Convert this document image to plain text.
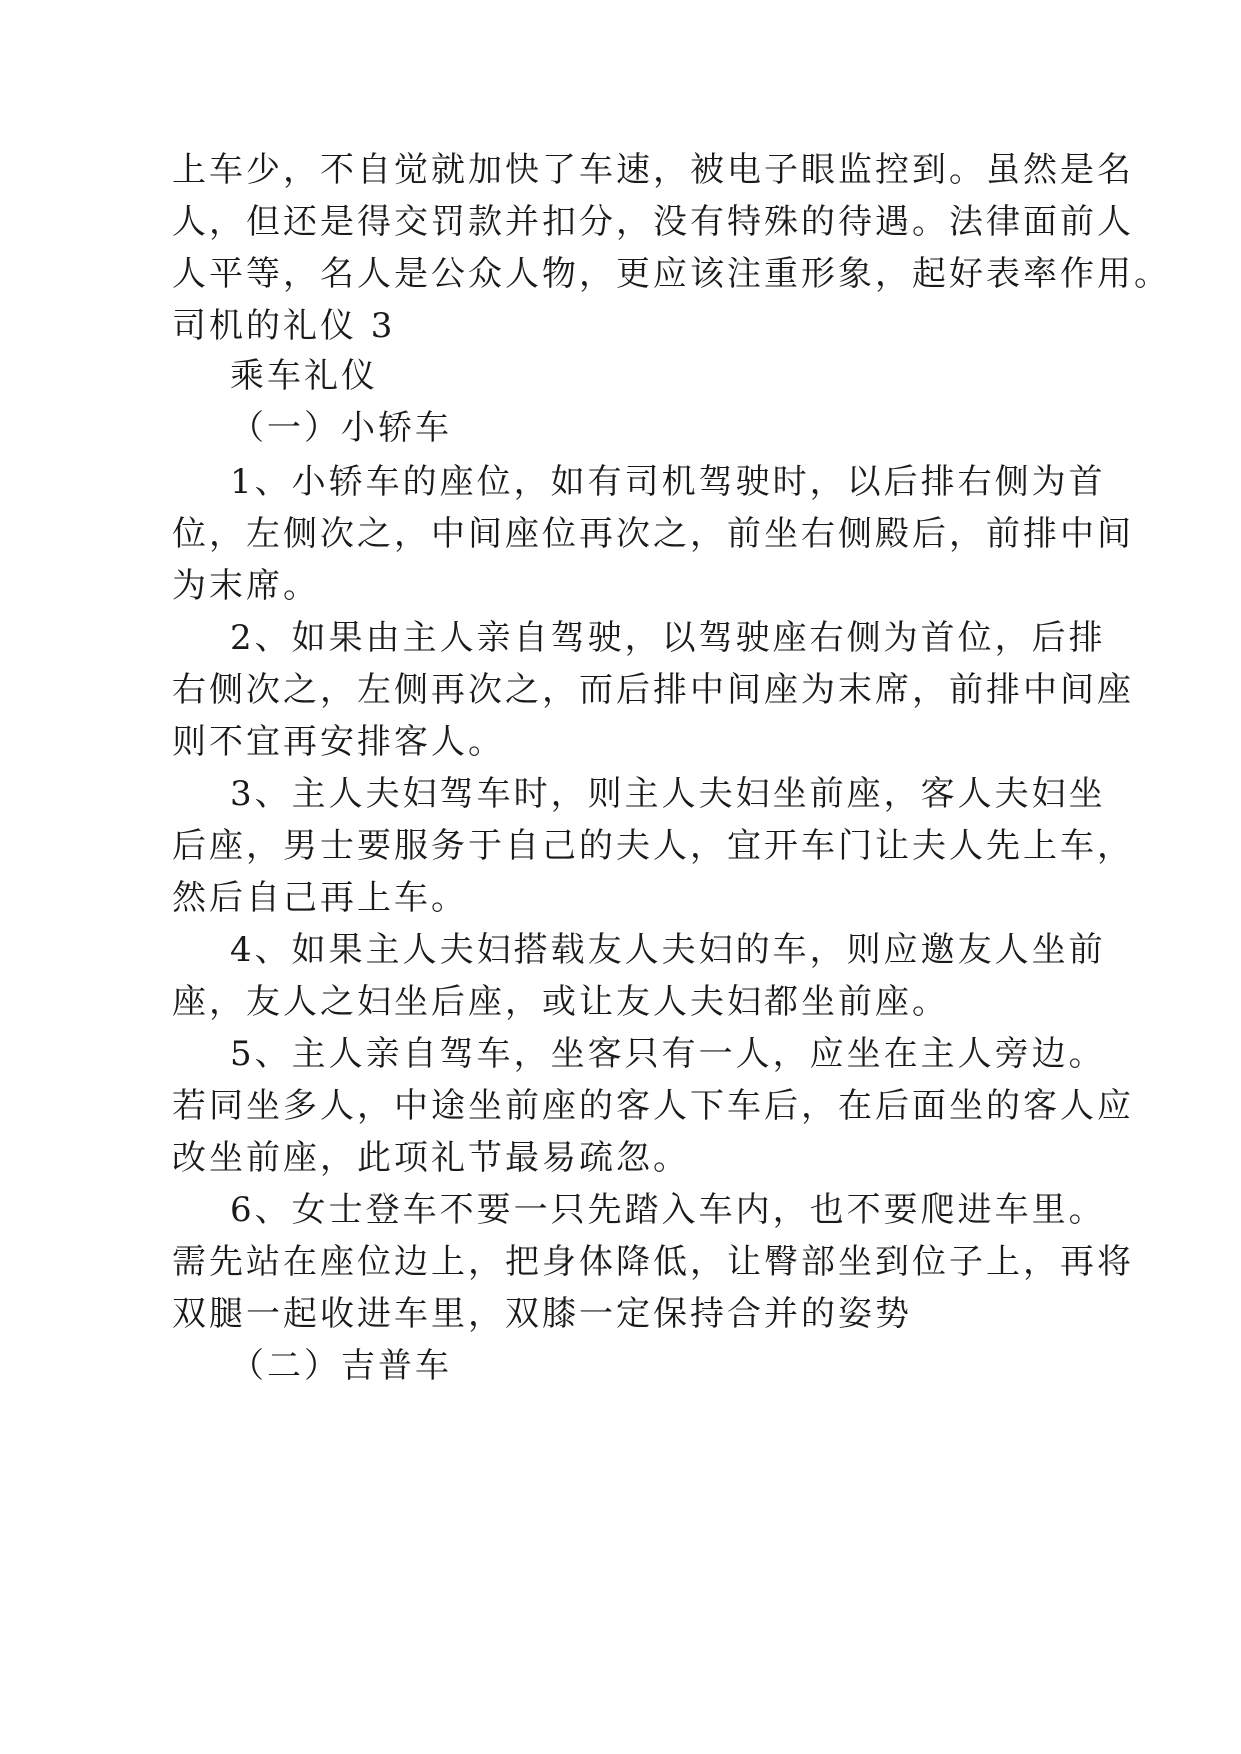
上车少，不自觉就加快了车速，被电子眼监控到。虽然是名
人，但还是得交罚款并扣分，没有特殊的待遇。法律面前人
人平等，名人是公众人物，更应该注重形象，起好表率作用。
司机的礼仪 3
乘车礼仪
（一）小轿车
1、小轿车的座位，如有司机驾驶时，以后排右侧为首
位，左侧次之，中间座位再次之，前坐右侧殿后，前排中间
为末席。
2、如果由主人亲自驾驶，以驾驶座右侧为首位，后排
右侧次之，左侧再次之，而后排中间座为末席，前排中间座
则不宜再安排客人。
3、主人夫妇驾车时，则主人夫妇坐前座，客人夫妇坐
后座，男士要服务于自己的夫人，宜开车门让夫人先上车，
然后自己再上车。
4、如果主人夫妇搭载友人夫妇的车，则应邀友人坐前
座，友人之妇坐后座，或让友人夫妇都坐前座。
5、主人亲自驾车，坐客只有一人，应坐在主人旁边。
若同坐多人，中途坐前座的客人下车后，在后面坐的客人应
改坐前座，此项礼节最易疏忽。
6、女士登车不要一只先踏入车内，也不要爬进车里。
需先站在座位边上，把身体降低，让臀部坐到位子上，再将
双腿一起收进车里，双膝一定保持合并的姿势
（二）吉普车
